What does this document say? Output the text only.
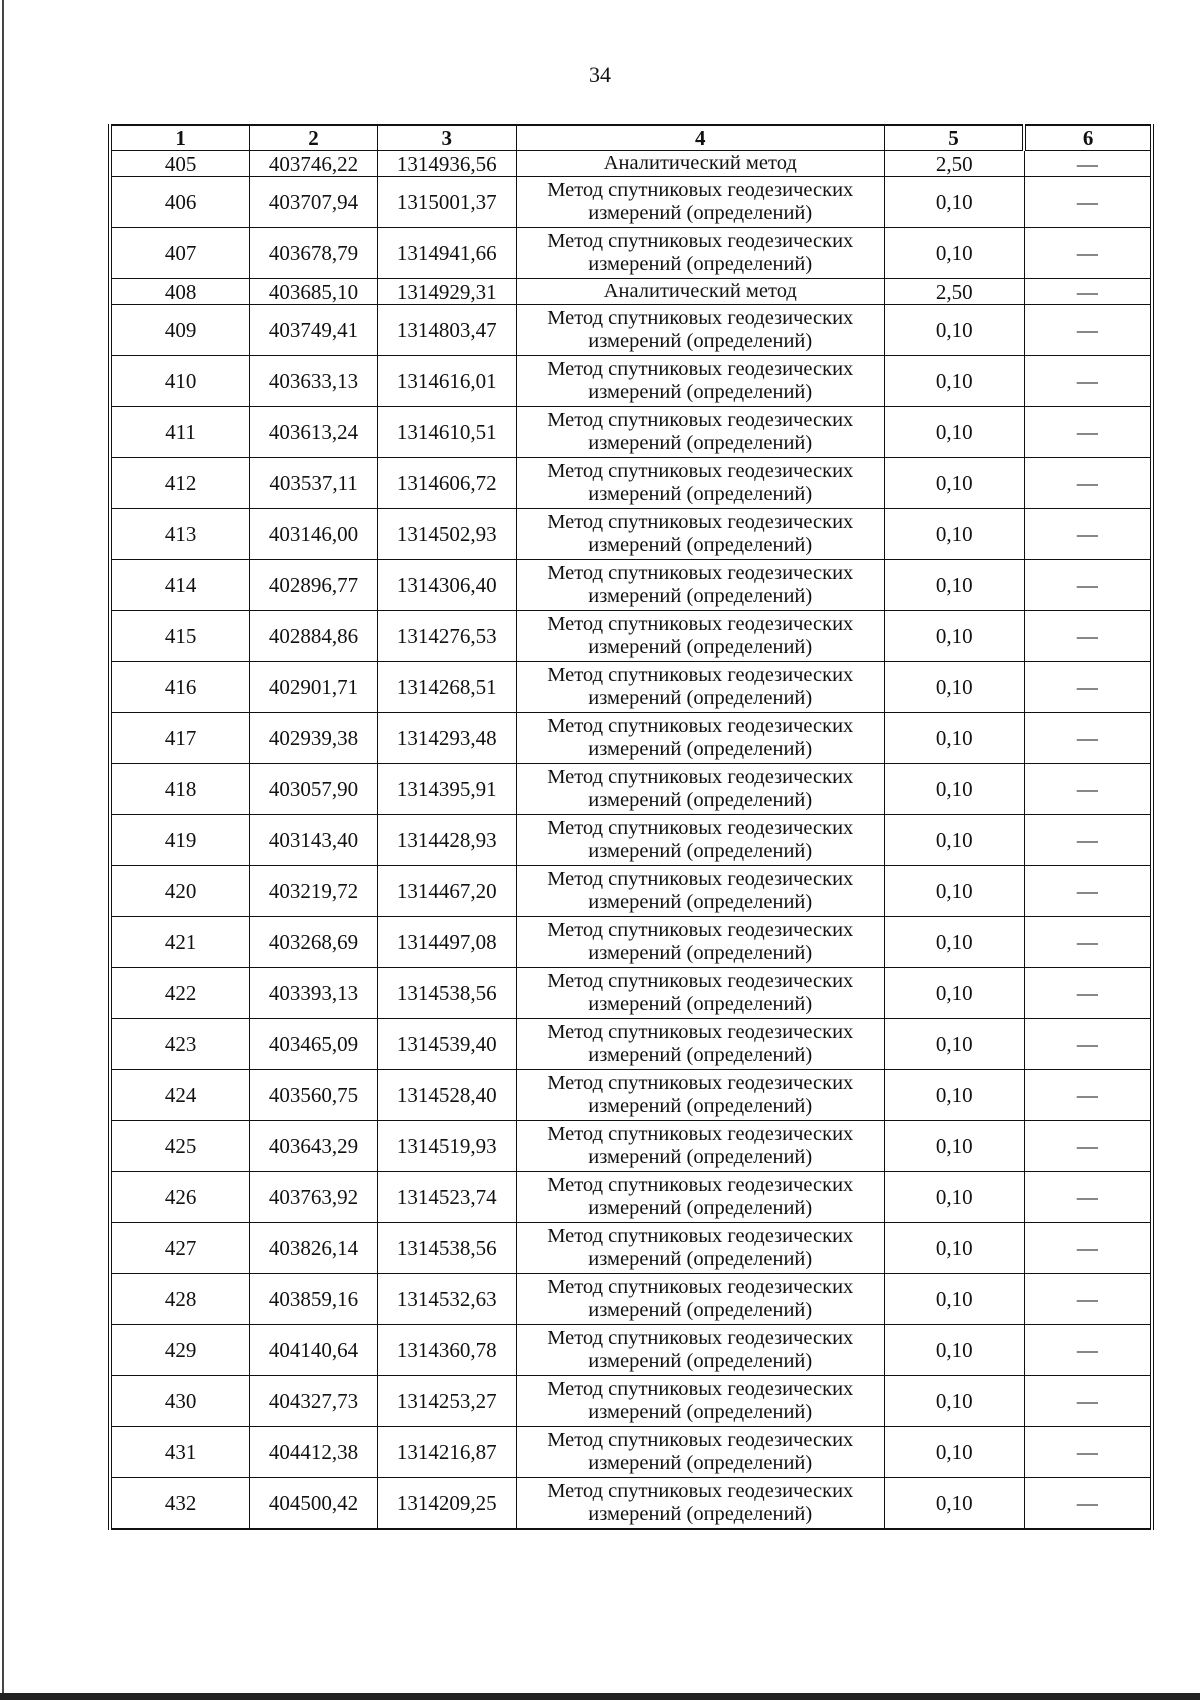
34
1	2	3	4	5	6
405	403746,22	1314936,56	Аналитический метод	2,50	—
406	403707,94	1315001,37	Метод спутниковых геодезических измерений (определений)	0,10	—
407	403678,79	1314941,66	Метод спутниковых геодезических измерений (определений)	0,10	—
408	403685,10	1314929,31	Аналитический метод	2,50	—
409	403749,41	1314803,47	Метод спутниковых геодезических измерений (определений)	0,10	—
410	403633,13	1314616,01	Метод спутниковых геодезических измерений (определений)	0,10	—
411	403613,24	1314610,51	Метод спутниковых геодезических измерений (определений)	0,10	—
412	403537,11	1314606,72	Метод спутниковых геодезических измерений (определений)	0,10	—
413	403146,00	1314502,93	Метод спутниковых геодезических измерений (определений)	0,10	—
414	402896,77	1314306,40	Метод спутниковых геодезических измерений (определений)	0,10	—
415	402884,86	1314276,53	Метод спутниковых геодезических измерений (определений)	0,10	—
416	402901,71	1314268,51	Метод спутниковых геодезических измерений (определений)	0,10	—
417	402939,38	1314293,48	Метод спутниковых геодезических измерений (определений)	0,10	—
418	403057,90	1314395,91	Метод спутниковых геодезических измерений (определений)	0,10	—
419	403143,40	1314428,93	Метод спутниковых геодезических измерений (определений)	0,10	—
420	403219,72	1314467,20	Метод спутниковых геодезических измерений (определений)	0,10	—
421	403268,69	1314497,08	Метод спутниковых геодезических измерений (определений)	0,10	—
422	403393,13	1314538,56	Метод спутниковых геодезических измерений (определений)	0,10	—
423	403465,09	1314539,40	Метод спутниковых геодезических измерений (определений)	0,10	—
424	403560,75	1314528,40	Метод спутниковых геодезических измерений (определений)	0,10	—
425	403643,29	1314519,93	Метод спутниковых геодезических измерений (определений)	0,10	—
426	403763,92	1314523,74	Метод спутниковых геодезических измерений (определений)	0,10	—
427	403826,14	1314538,56	Метод спутниковых геодезических измерений (определений)	0,10	—
428	403859,16	1314532,63	Метод спутниковых геодезических измерений (определений)	0,10	—
429	404140,64	1314360,78	Метод спутниковых геодезических измерений (определений)	0,10	—
430	404327,73	1314253,27	Метод спутниковых геодезических измерений (определений)	0,10	—
431	404412,38	1314216,87	Метод спутниковых геодезических измерений (определений)	0,10	—
432	404500,42	1314209,25	Метод спутниковых геодезических измерений (определений)	0,10	—
